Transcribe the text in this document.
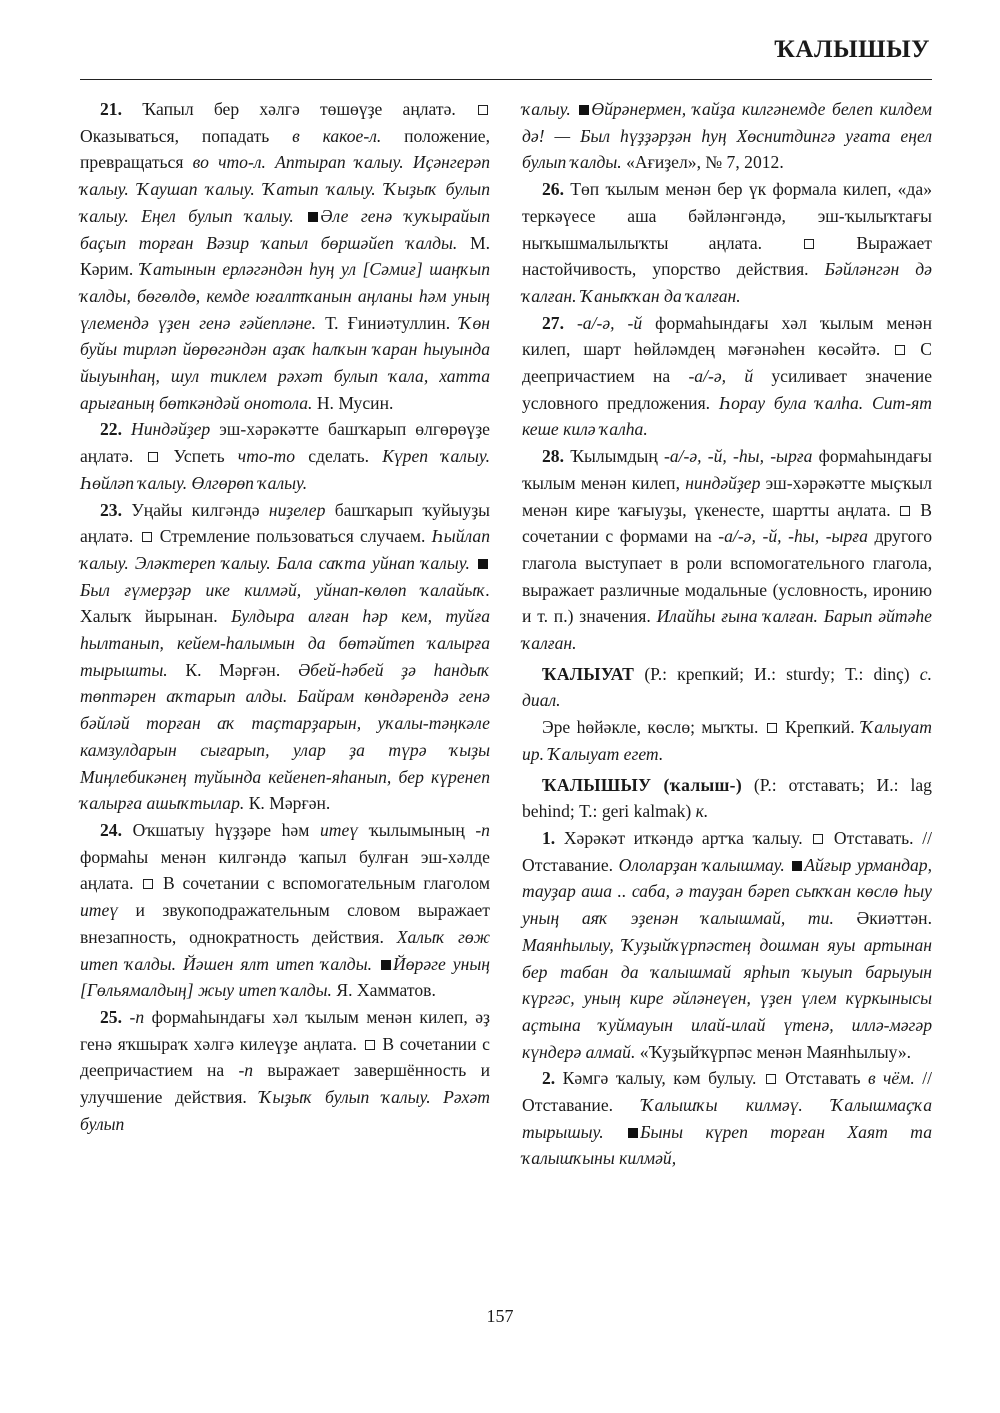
ҠАЛЫШЫУ

21. Ҡапыл бер хәлгә төшөүҙе аңлатә.  Оказываться, попадать в какое-л. положение, превращаться во что-л. Аптырап ҡалыу. Иҫәнгерәп ҡалыу. Ҡаушап ҡалыу. Ҡатып ҡалыу. Ҡыҙыҡ булып ҡалыу. Еңел булып ҡалыу. Әле генә ҡуҡырайып баҫып торған Вәзир ҡапыл бөршәйеп ҡалды. М. Кәрим. Ҡатынын ерләгәндән һуң ул [Сәмиғ] шаңҡып ҡалды, бөгөлдө, кемде юғалтҡанын аңланы һәм уның үлемендә үҙен генә ғәйепләне. Т. Ғиниәтуллин. Ҡөн буйы тирләп йөрөгәндән аҙаҡ һалҡын ҡаран һыуында йыуынһаң, шул тиклем рәхәт булып ҡала, хатта арығаның бөткәндәй онотола. Н. Мусин.

22. Ниндәйҙер эш-хәрәкәтте башҡарып өлгөрөүҙе аңлатә.  Успеть что-то сделать. Күреп ҡалыу. Һөйләп ҡалыу. Өлгөрөп ҡалыу.

23. Уңайы килгәндә ниҙелер башҡарып ҡуйыуҙы аңлатә.  Стремление пользоваться случаем. Һыйлап ҡалыу. Эләктереп ҡалыу. Бала саҡта уйнап ҡалыу. Был ғүмерҙәр ике килмәй, уйнап-көлөп ҡалайыҡ. Халыҡ йырынан. Булдыра алған һәр кем, туйға һылтанып, кейем-һалымын да бөтәйтеп ҡалырға тырышты. К. Мәрғән. Әбей-һәбей ҙә һандыҡ төптәрен аҡтарып алды. Байрам көндәрендә генә бәйләй торған аҡ таҫтарҙарын, уҡалы-тәңкәле камзулдарын сығарып, улар ҙа түрә ҡыҙы Миңлебикәнең туйында кейенеп-яһанып, бер күренеп ҡалырға ашыҡтылар. К. Мәрғән.

24. Оҡшатыу һүҙҙәре һәм итеү ҡылымының -п формаһы менән килгәндә ҡапыл булған эш-хәлде аңлата.  В сочетании с вспомогательным глаголом итеү и звукоподражательным словом выражает внезапность, однократность действия. Халыҡ гөж итеп ҡалды. Йәшен ялт итеп ҡалды. Йөрәге уның [Гөльямалдың] жыу итеп ҡалды. Я. Хамматов.

25. -п формаһындағы хәл ҡылым менән килеп, әҙ генә яҡшыраҡ хәлгә килеүҙе аңлата.  В сочетании с деепричастием на -п выражает завершённость и улучшение действия. Ҡыҙыҡ булып ҡалыу. Рәхәт булып

ҡалыу. Өйрәнермен, ҡайҙа килгәнемде белеп килдем дә! — Был һүҙҙәрҙән һуң Хөснитдингә уғата еңел булып ҡалды. «Ағиҙел», № 7, 2012.

26. Төп ҡылым менән бер үк формала килеп, «да» теркәүесе аша бәйләнгәндә, эш-ҡылыҡтағы ныҡышмалылыҡты аңлата.  Выражает настойчивость, упорство действия. Бәйләнгән дә ҡалған. Ҡаныҡҡан да ҡалған.

27. -а/-ә, -й формаһындағы хәл ҡылым менән килеп, шарт һөйләмдең мәғәнәһен көсәйтә.  С деепричастием на -а/-ә, й усиливает значение условного предложения. Һорау була ҡалһа. Сит-ят кеше килә ҡалһа.

28. Ҡылымдың -а/-ә, -й, -һы, -ырға формаһындағы ҡылым менән килеп, ниндәйҙер эш-хәрәкәтте мыҫҡыл менән кире ҡағыуҙы, үкенесте, шартты аңлата.  В сочетании с формами на -а/-ә, -й, -һы, -ырға другого глагола выступает в роли вспомогательного глагола, выражает различные модальные (условность, иронию и т. п.) значения. Илайһы ғына ҡалған. Барып әйтәһе ҡалған.

ҠАЛЫУАТ (Р.: крепкий; И.: sturdy; Т.: dinç) с. диал.

Эре һөйәкле, көслө; мыҡты.  Крепкий. Ҡалыуат ир. Ҡалыуат егет.

ҠАЛЫШЫУ (ҡалыш-) (Р.: отставать; И.: lag behind; Т.: geri kalmak) к.

1. Хәрәкәт иткәндә артҡа ҡалыу.  Отставать. // Отставание. Ололарҙан ҡалышмау. Айғыр урмандар, тауҙар аша .. саба, ә тауҙан бәреп сыҡҡан көслө һыу уның аяҡ эҙенән ҡалышмай, ти. Әкиәттән. Маянһылыу, Ҡуҙыйҡүрпәстең дошман яуы артынан бер табан да ҡалышмай ярһып ҡыуып барыуын күргәс, уның кире әйләнеүен, үҙен үлем күркынысы аҫтына ҡуймауын илай-илай үтенә, иллә-мәгәр күндерә алмай. «Ҡуҙыйҡүрпәс менән Маянһылыу».

2. Кәмгә ҡалыу, кәм булыу.  Отставать в чём. // Отставание. Ҡалышҡы килмәү. Ҡалышмаҫҡа тырышыу. Быны күреп торған Хаят та ҡалышҡыны килмәй,

157
